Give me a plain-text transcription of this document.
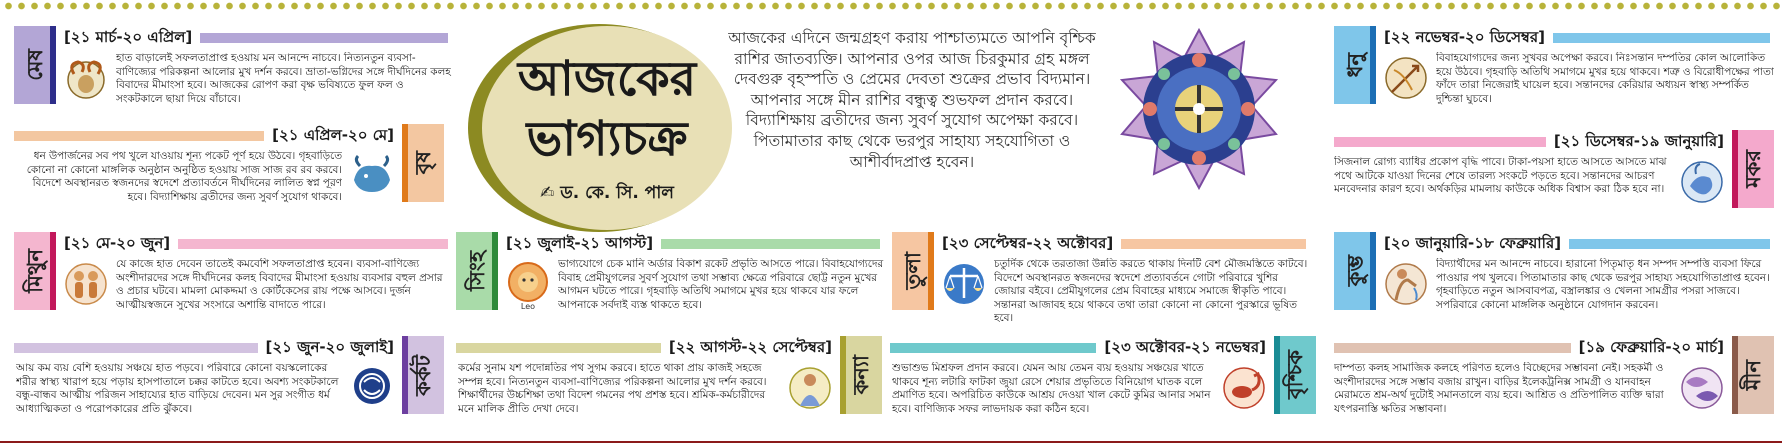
মেষ
[২১ মার্চ-২০ এপ্রিল]
হাত বাড়ালেই সফলতাপ্রাপ্ত হওয়ায় মন আনন্দে নাচবে। নিত্যনতুন ব্যবসা-বাণিজ্যের পরিকল্পনা আলোর মুখ দর্শন করবে। ভ্রাতা-ভগ্নিদের সঙ্গে দীর্ঘদিনের কলহ বিবাদের মীমাংসা হবে। আজকের রোপণ করা বৃক্ষ ভবিষ্যতে ফুল ফল ও সংকটকালে ছায়া দিয়ে বাঁচাবে।
বৃষ
[২১ এপ্রিল-২০ মে]
ধন উপার্জনের সব পথ খুলে যাওয়ায় শূন্য পকেট পূর্ণ হয়ে উঠবে। গৃহবাড়িতে কোনো না কোনো মাঙ্গলিক অনুষ্ঠান অনুষ্ঠিত হওয়ায় সাজ সাজ রব রব করবে। বিদেশে অবস্থানরত স্বজনদের স্বদেশে প্রত্যাবর্তনে দীর্ঘদিনের লালিত স্বপ্ন পূরণ হবে। বিদ্যাশিক্ষায় ব্রতীদের জন্য সুবর্ণ সুযোগ থাকবে।
মিথুন
[২১ মে-২০ জুন]
যে কাজে হাত দেবেন তাতেই কমবেশি সফলতাপ্রাপ্ত হবেন। ব্যবসা-বাণিজ্যে অংশীদারদের সঙ্গে দীর্ঘদিনের কলহ বিবাদের মীমাংসা হওয়ায় ব্যবসার বহুল প্রসার ও প্রচার ঘটবে। মামলা মোকদ্দমা ও কোর্টকেসের রায় পক্ষে আসবে। দুর্জন আত্মীয়স্বজনে সুখের সংসারে অশান্তি বাদাতে পারে।
কর্কট
[২১ জুন-২০ জুলাই]
আয় কম ব্যয় বেশি হওয়ায় সঞ্চয়ে হাত পড়বে। পরিবারে কোনো বয়স্কলোকের শরীর স্বাস্থ্য খারাপ হয়ে পড়ায় হাসপাতালে চক্কর কাটতে হবে। অবশ্য সংকটকালে বন্ধু-বান্ধব আত্মীয় পরিজন সাহায্যের হাত বাড়িয়ে দেবেন। মন সুর সংগীত ধর্ম আধ্যাত্মিকতা ও পরোপকারের প্রতি ঝুঁকবে।
আজকের
ভাগ্যচক্র
✍ ড. কে. সি. পাল
আজকের এদিনে জন্মগ্রহণ করায় পাশ্চাত্যমতে আপনি বৃশ্চিক রাশির জাতব্যক্তি। আপনার ওপর আজ চিরকুমার গ্রহ মঙ্গল দেবগুরু বৃহস্পতি ও প্রেমের দেবতা শুক্রের প্রভাব বিদ্যমান। আপনার সঙ্গে মীন রাশির বন্ধুত্ব শুভফল প্রদান করবে। বিদ্যাশিক্ষায় ব্রতীদের জন্য সুবর্ণ সুযোগ অপেক্ষা করবে। পিতামাতার কাছ থেকে ভরপুর সাহায্য সহযোগিতা ও আশীর্বাদপ্রাপ্ত হবেন।
সিংহ
[২১ জুলাই-২১ আগস্ট]
Leo
ভাগ্যযোগে চেক মানি অর্ডার বিকাশ রকেট প্রভৃতি আসতে পারে। বিবাহযোগ্যদের বিবাহ প্রেমীযুগলের সুবর্ণ সুযোগ তথা সম্ভাব্য ক্ষেত্রে পরিবারে ছোট্ট নতুন মুখের আগমন ঘটতে পারে। গৃহবাড়ি অতিথি সমাগমে মুখর হয়ে থাকবে যার ফলে আপনাকে সর্বদাই ব্যস্ত থাকতে হবে।
কন্যা
[২২ আগস্ট-২২ সেপ্টেম্বর]
কর্মের সুনাম যশ পদোন্নতির পথ সুগম করবে। হাতে থাকা প্রায় কাজই সহজে সম্পন্ন হবে। নিত্যনতুন ব্যবসা-বাণিজ্যের পরিকল্পনা আলোর মুখ দর্শন করবে। শিক্ষার্থীদের উচ্চশিক্ষা তথা বিদেশ গমনের পথ প্রশস্ত হবে। শ্রমিক-কর্মচারীদের মনে মালিক প্রীতি দেখা দেবে।
তুলা
[২৩ সেপ্টেম্বর-২২ অক্টোবর]
চতুর্দিক থেকে তরতাজা উন্নতি করতে থাকায় দিনটি বেশ মৌজমস্তিতে কাটবে। বিদেশে অবস্থানরত স্বজনদের স্বদেশে প্রত্যাবর্তনে গোটা পরিবারে খুশির জোয়ার বইবে। প্রেমীযুগলের প্রেম বিবাহের মাধ্যমে সমাজে স্বীকৃতি পাবে। সন্তানরা আজাবহ হয়ে থাকবে তথা তারা কোনো না কোনো পুরস্কারে ভূষিত হবে।
বৃশ্চিক
[২৩ অক্টোবর-২১ নভেম্বর]
শুভাশুভ মিশ্রফল প্রদান করবে। যেমন আয় তেমন ব্যয় হওয়ায় সঞ্চয়ের খাতে থাকবে শূন্য লটারি ফাটকা জুয়া রেসে শেয়ার প্রভৃতিতে বিনিয়োগ ঘাতক বলে প্রমাণিত হবে। অপরিচিত কাউকে আশ্রয় দেওয়া খাল কেটে কুমির আনার সমান হবে। বাণিজ্যিক সফর লাভদায়ক করা কঠিন হবে।
ধনু
[২২ নভেম্বর-২০ ডিসেম্বর]
বিবাহযোগ্যদের জন্য সুখবর অপেক্ষা করবে। নিঃসন্তান দম্পতির কোল আলোকিত হয়ে উঠবে। গৃহবাড়ি অতিথি সমাগমে মুখর হয়ে থাকবে। শত্রু ও বিরোধীপক্ষের পাতা ফাঁদে তারা নিজেরাই ঘায়েল হবে। সন্তানদের কেরিয়ার অধ্যয়ন স্বাস্থ্য সম্পর্কিত দুশ্চিন্তা ঘুচবে।
মকর
[২১ ডিসেম্বর-১৯ জানুয়ারি]
সিজনাল রোগ্য ব্যাধির প্রকোপ বৃদ্ধি পাবে। টাকা-পয়সা হাতে আসতে আসতে মাঝ পথে আটকে যাওয়া দিনের শেষে তারল্য সংকটে পড়তে হবে। সন্তানদের আচরণ মনবেদনার কারণ হবে। অর্থকড়ির মামলায় কাউকে অধিক বিশ্বাস করা ঠিক হবে না।
কুম্ভ
[২০ জানুয়ারি-১৮ ফেব্রুয়ারি]
বিদ্যার্থীদের মন আনন্দে নাচবে। হারানো পিতৃমাতৃ ধন সম্পদ সম্পত্তি ব্যবসা ফিরে পাওয়ার পথ খুলবে। পিতামাতার কাছ থেকে ভরপুর সাহায্য সহযোগিতাপ্রাপ্ত হবেন। গৃহবাড়িতে নতুন আসবাবপত্র, বস্ত্রালঙ্কার ও খেলনা সামগ্রীর পসরা সাজবে। সপরিবারে কোনো মাঙ্গলিক অনুষ্ঠানে যোগদান করবেন।
মীন
[১৯ ফেব্রুয়ারি-২০ মার্চ]
দাম্পত্য কলহ সামাজিক কলহে পরিণত হলেও বিচ্ছেদের সম্ভাবনা নেই। সহকর্মী ও অংশীদারদের সঙ্গে সম্ভাব বজায় রাখুন। বাড়ির ইলেকট্রনিক্স সামগ্রী ও যানবাহন মেরামতে শ্রম-অর্থ দুটোই সমানতালে ব্যয় হবে। আশ্রিত ও প্রতিপালিত ব্যক্তি দ্বারা যৎপরনাস্তি ক্ষতির সম্ভাবনা।
